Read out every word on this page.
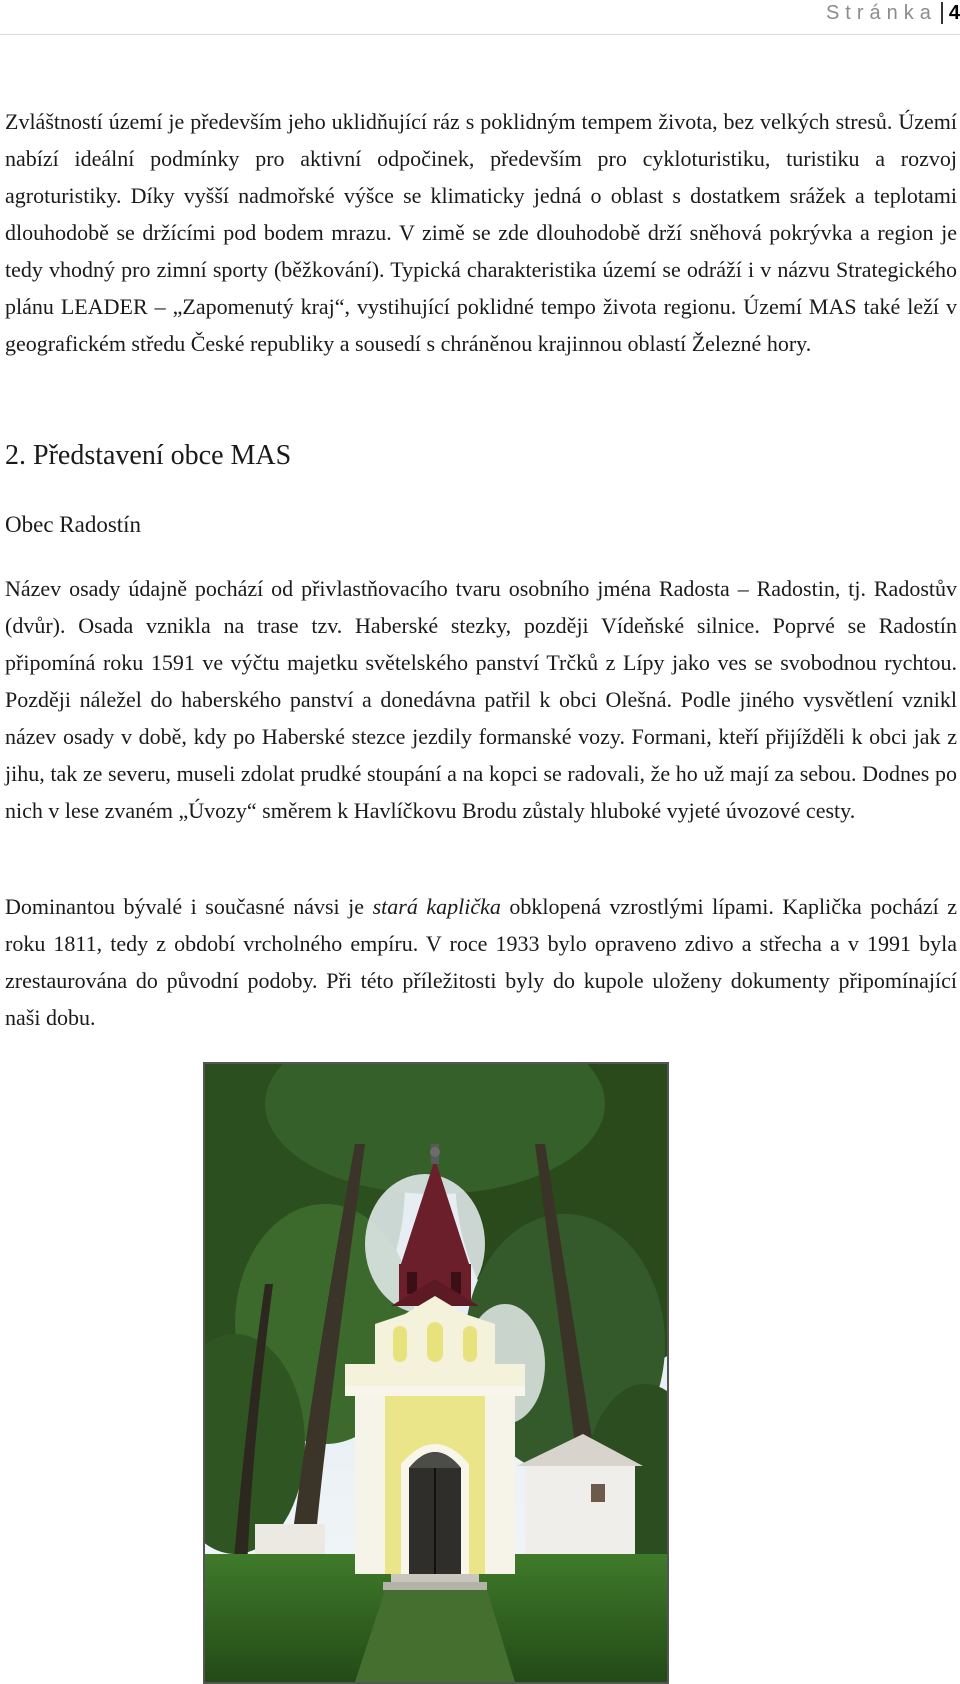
Stránka 4

Zvláštností území je především jeho uklidňující ráz s poklidným tempem života, bez velkých stresů. Území nabízí ideální podmínky pro aktivní odpočinek, především pro cykloturistiku, turistiku a rozvoj agroturistiky. Díky vyšší nadmořské výšce se klimaticky jedná o oblast s dostatkem srážek a teplotami dlouhodobě se držícími pod bodem mrazu. V zimě se zde dlouhodobě drží sněhová pokrývka a region je tedy vhodný pro zimní sporty (běžkování). Typická charakteristika území se odráží i v názvu Strategického plánu LEADER – „Zapomenutý kraj“, vystihující poklidné tempo života regionu. Území MAS také leží v geografickém středu České republiky a sousedí s chráněnou krajinnou oblastí Železné hory.

2. Představení obce MAS
Obec Radostín

Název osady údajně pochází od přivlastňovacího tvaru osobního jména Radosta – Radostin, tj. Radostův (dvůr). Osada vznikla na trase tzv. Haberské stezky, později Vídeňské silnice. Poprvé se Radostín připomíná roku 1591 ve výčtu majetku světelského panství Trčků z Lípy jako ves se svobodnou rychtou. Později náležel do haberského panství a donedávna patřil k obci Olešná. Podle jiného vysvětlení vznikl název osady v době, kdy po Haberské stezce jezdily formanské vozy. Formani, kteří přijížděli k obci jak z jihu, tak ze severu, museli zdolat prudké stoupání a na kopci se radovali, že ho už mají za sebou. Dodnes po nich v lese zvaném „Úvozy“ směrem k Havlíčkovu Brodu zůstaly hluboké vyjeté úvozové cesty.

Dominantou bývalé i současné návsi je stará kaplička obklopená vzrostlými lípami. Kaplička pochází z roku 1811, tedy z období vrcholného empíru. V roce 1933 bylo opraveno zdivo a střecha a v 1991 byla zrestaurována do původní podoby. Při této příležitosti byly do kupole uloženy dokumenty připomínající naši dobu.
